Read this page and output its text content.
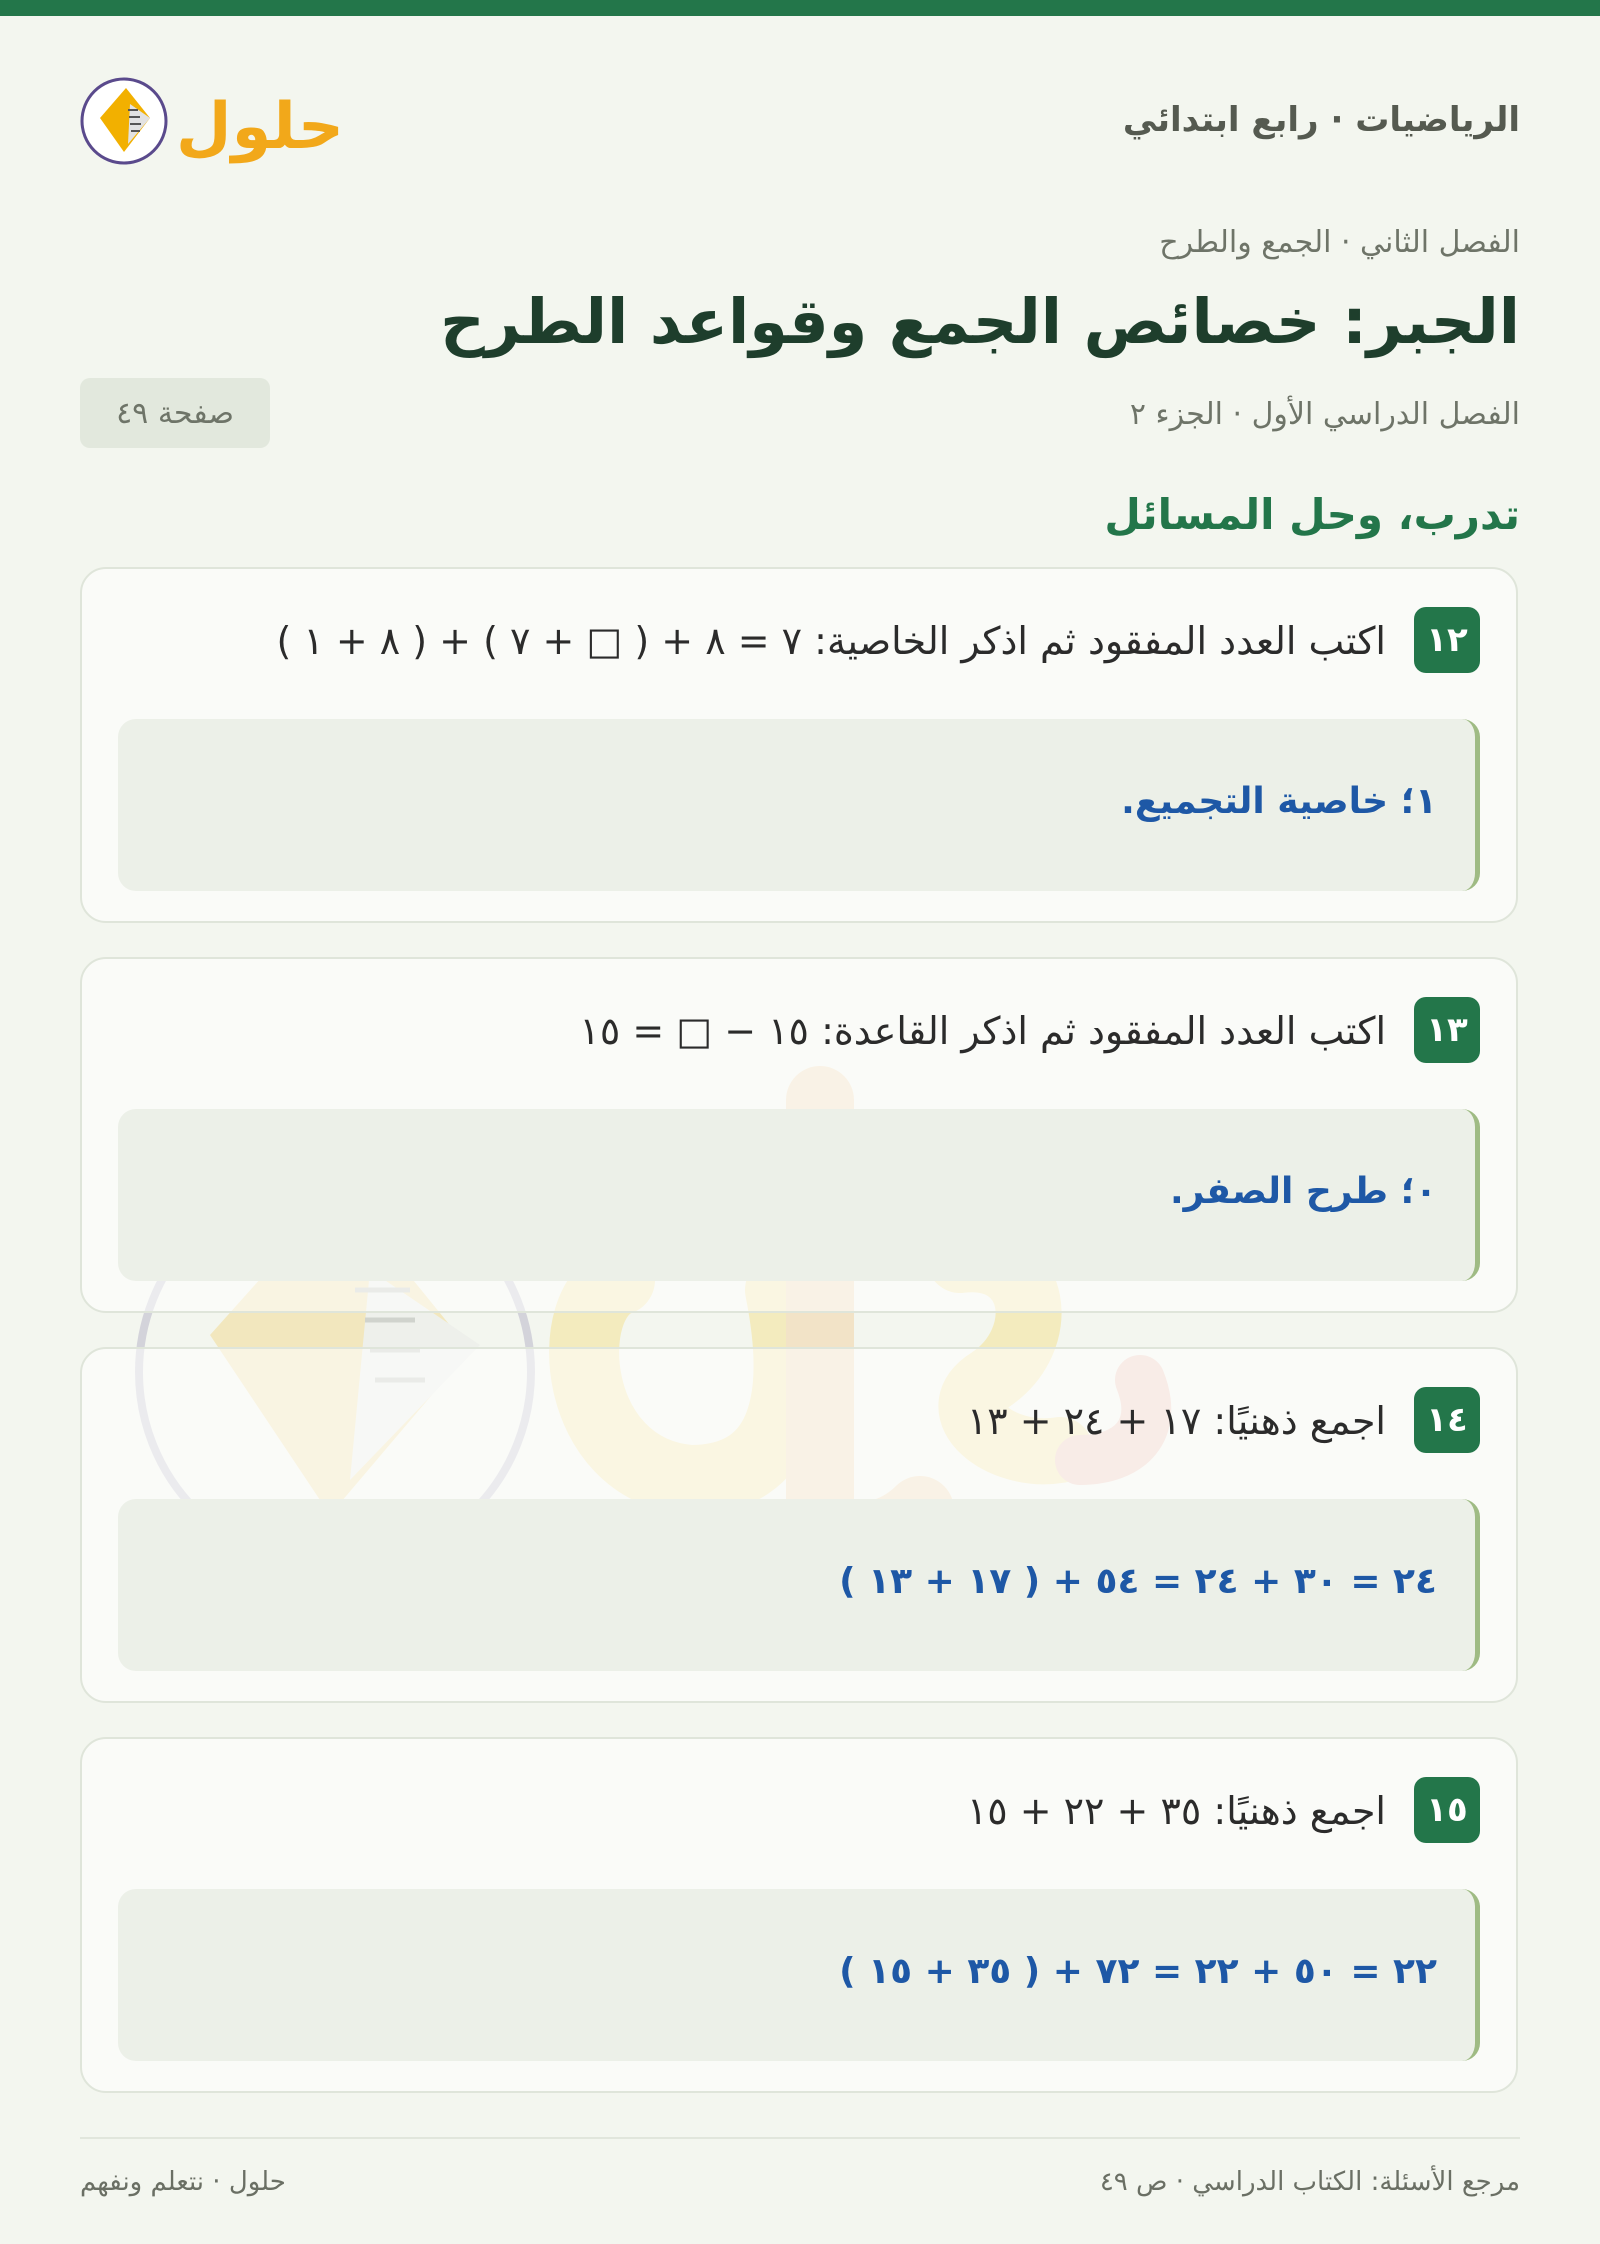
الرياضيات · رابع ابتدائي
حلول
الفصل الثاني · الجمع والطرح
الجبر: خصائص الجمع وقواعد الطرح
الفصل الدراسي الأول · الجزء ٢
صفحة ٤٩
تدرب، وحل المسائل
١٢
اكتب العدد المفقود ثم اذكر الخاصية: ( ٨ + ١ ) + ٧ = ٨ + ( □ + ٧ )
١؛ خاصية التجميع.
١٣
اكتب العدد المفقود ثم اذكر القاعدة: ١٥ − □ = ١٥
٠؛ طرح الصفر.
١٤
اجمع ذهنيًا: ١٧ + ٢٤ + ١٣
( ١٧ + ١٣ ) + ٢٤ = ٣٠ + ٢٤ = ٥٤
١٥
اجمع ذهنيًا: ٣٥ + ٢٢ + ١٥
( ٣٥ + ١٥ ) + ٢٢ = ٥٠ + ٢٢ = ٧٢
مرجع الأسئلة: الكتاب الدراسي · ص ٤٩
حلول · نتعلم ونفهم
